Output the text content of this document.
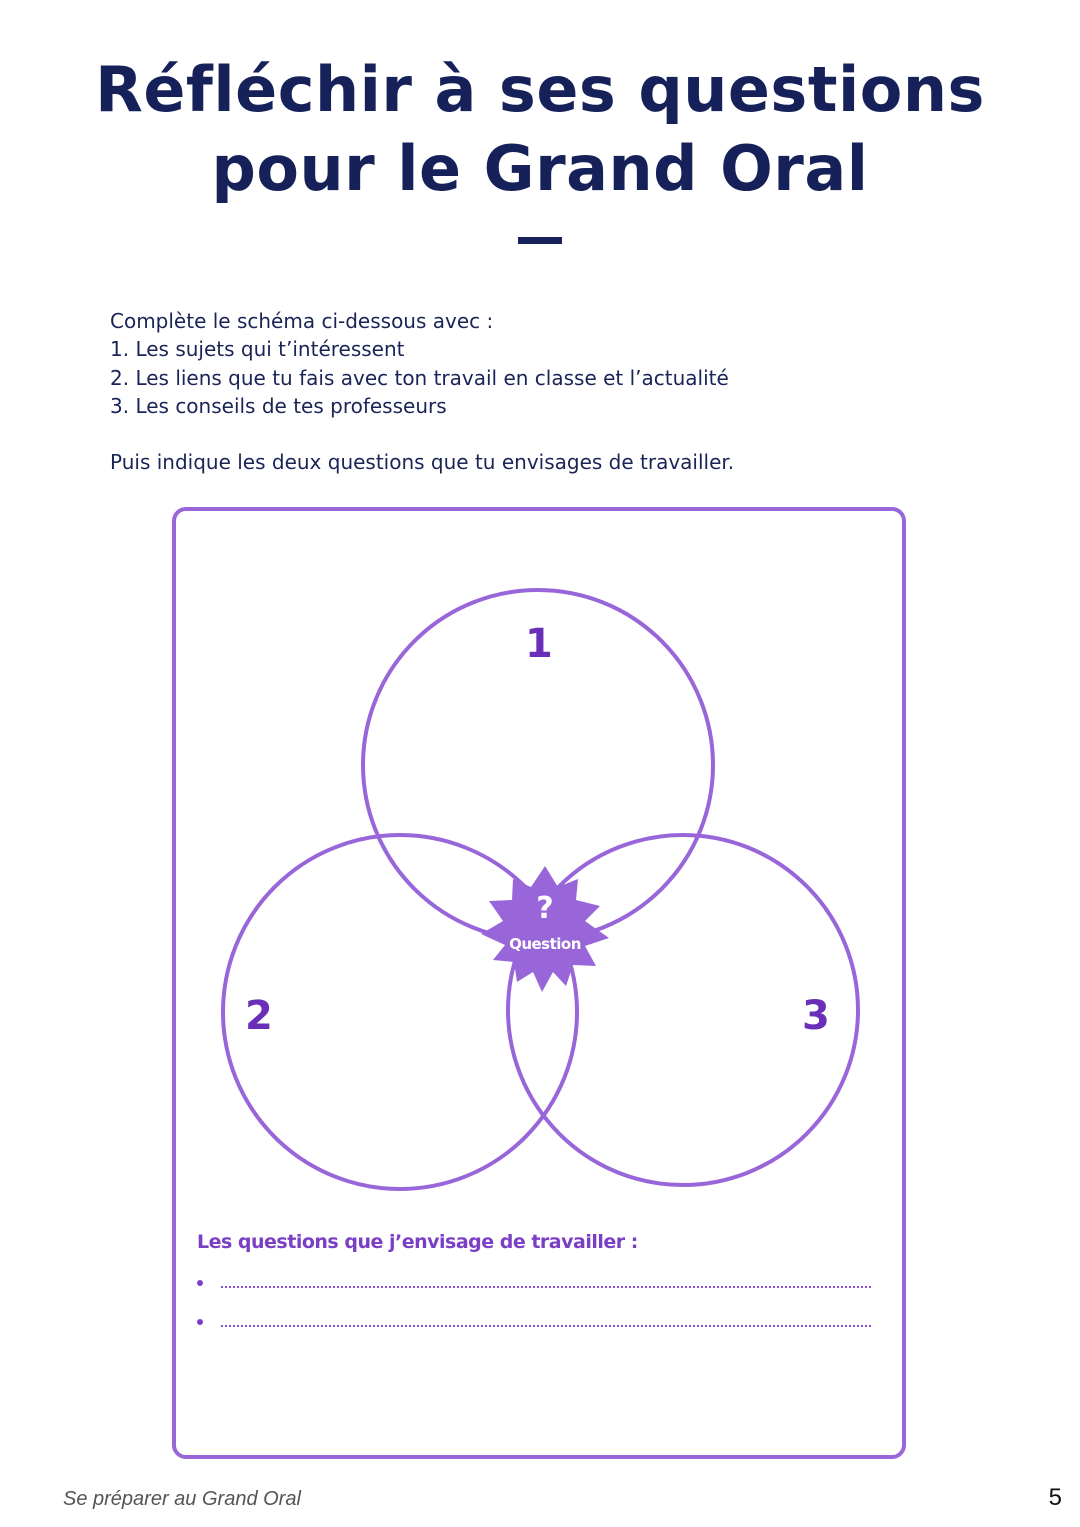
Réfléchir à ses questions
pour le Grand Oral
Complète le schéma ci-dessous avec :
1. Les sujets qui t’intéressent
2. Les liens que tu fais avec ton travail en classe et l’actualité
3. Les conseils de tes professeurs
Puis indique les deux questions que tu envisages de travailler.
1
2	3
?
Question
Les questions que j’envisage de travailler :
Se préparer au Grand Oral	5
